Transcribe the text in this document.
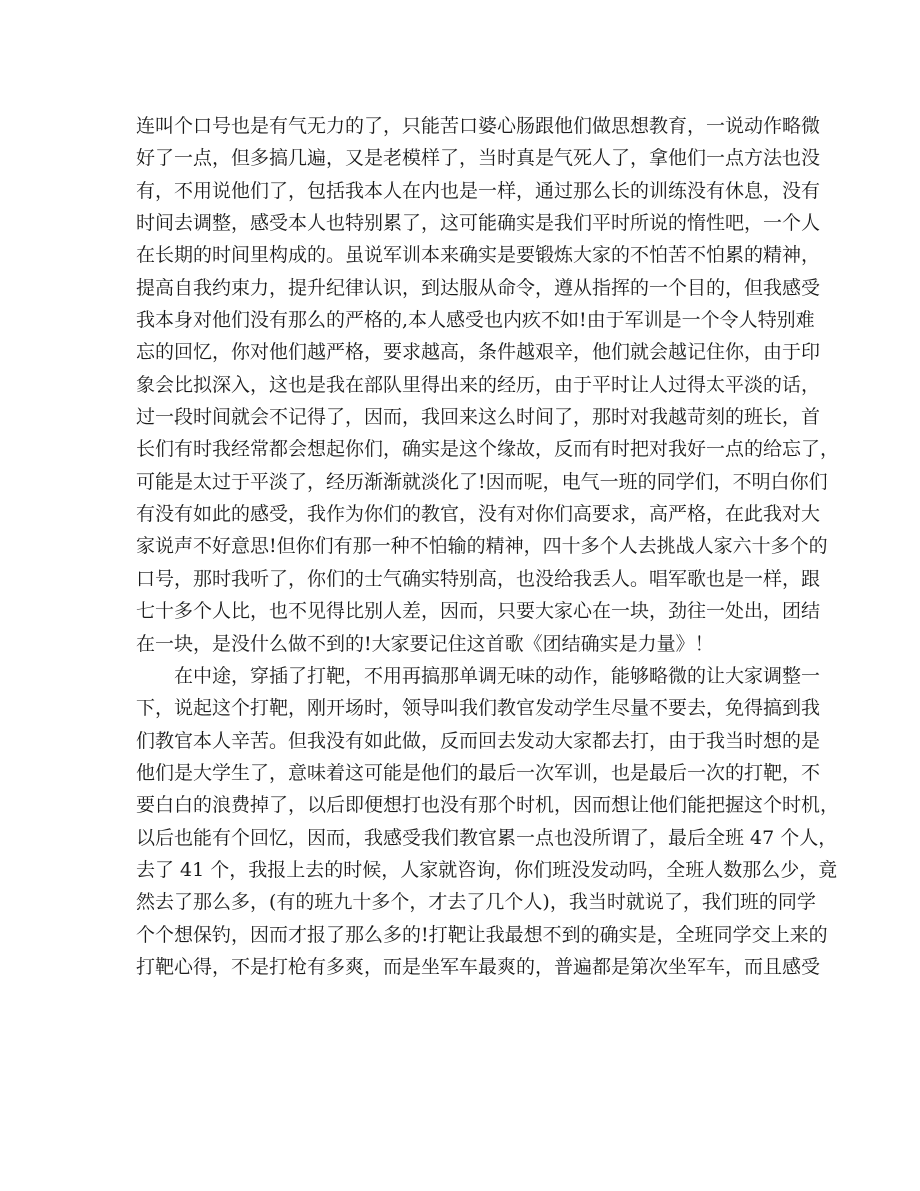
连叫个口号也是有气无力的了，只能苦口婆心肠跟他们做思想教育，一说动作略微
好了一点，但多搞几遍，又是老模样了，当时真是气死人了，拿他们一点方法也没
有，不用说他们了，包括我本人在内也是一样，通过那么长的训练没有休息，没有
时间去调整，感受本人也特别累了，这可能确实是我们平时所说的惰性吧，一个人
在长期的时间里构成的。虽说军训本来确实是要锻炼大家的不怕苦不怕累的精神，
提高自我约束力，提升纪律认识，到达服从命令，遵从指挥的一个目的，但我感受
我本身对他们没有那么的严格的,本人感受也内疚不如!由于军训是一个令人特别难
忘的回忆，你对他们越严格，要求越高，条件越艰辛，他们就会越记住你，由于印
象会比拟深入，这也是我在部队里得出来的经历，由于平时让人过得太平淡的话，
过一段时间就会不记得了，因而，我回来这么时间了，那时对我越苛刻的班长，首
长们有时我经常都会想起你们，确实是这个缘故，反而有时把对我好一点的给忘了，
可能是太过于平淡了，经历渐渐就淡化了!因而呢，电气一班的同学们，不明白你们
有没有如此的感受，我作为你们的教官，没有对你们高要求，高严格，在此我对大
家说声不好意思!但你们有那一种不怕输的精神，四十多个人去挑战人家六十多个的
口号，那时我听了，你们的士气确实特别高，也没给我丢人。唱军歌也是一样，跟
七十多个人比，也不见得比别人差，因而，只要大家心在一块，劲往一处出，团结
在一块，是没什么做不到的!大家要记住这首歌《团结确实是力量》！
在中途，穿插了打靶，不用再搞那单调无味的动作，能够略微的让大家调整一
下，说起这个打靶，刚开场时，领导叫我们教官发动学生尽量不要去，免得搞到我
们教官本人辛苦。但我没有如此做，反而回去发动大家都去打，由于我当时想的是
他们是大学生了，意味着这可能是他们的最后一次军训，也是最后一次的打靶，不
要白白的浪费掉了，以后即便想打也没有那个时机，因而想让他们能把握这个时机，
以后也能有个回忆，因而，我感受我们教官累一点也没所谓了，最后全班 47 个人，
去了 41 个，我报上去的时候，人家就咨询，你们班没发动吗，全班人数那么少，竟
然去了那么多，(有的班九十多个，才去了几个人)，我当时就说了，我们班的同学
个个想保钓，因而才报了那么多的!打靶让我最想不到的确实是，全班同学交上来的
打靶心得，不是打枪有多爽，而是坐军车最爽的，普遍都是第次坐军车，而且感受
